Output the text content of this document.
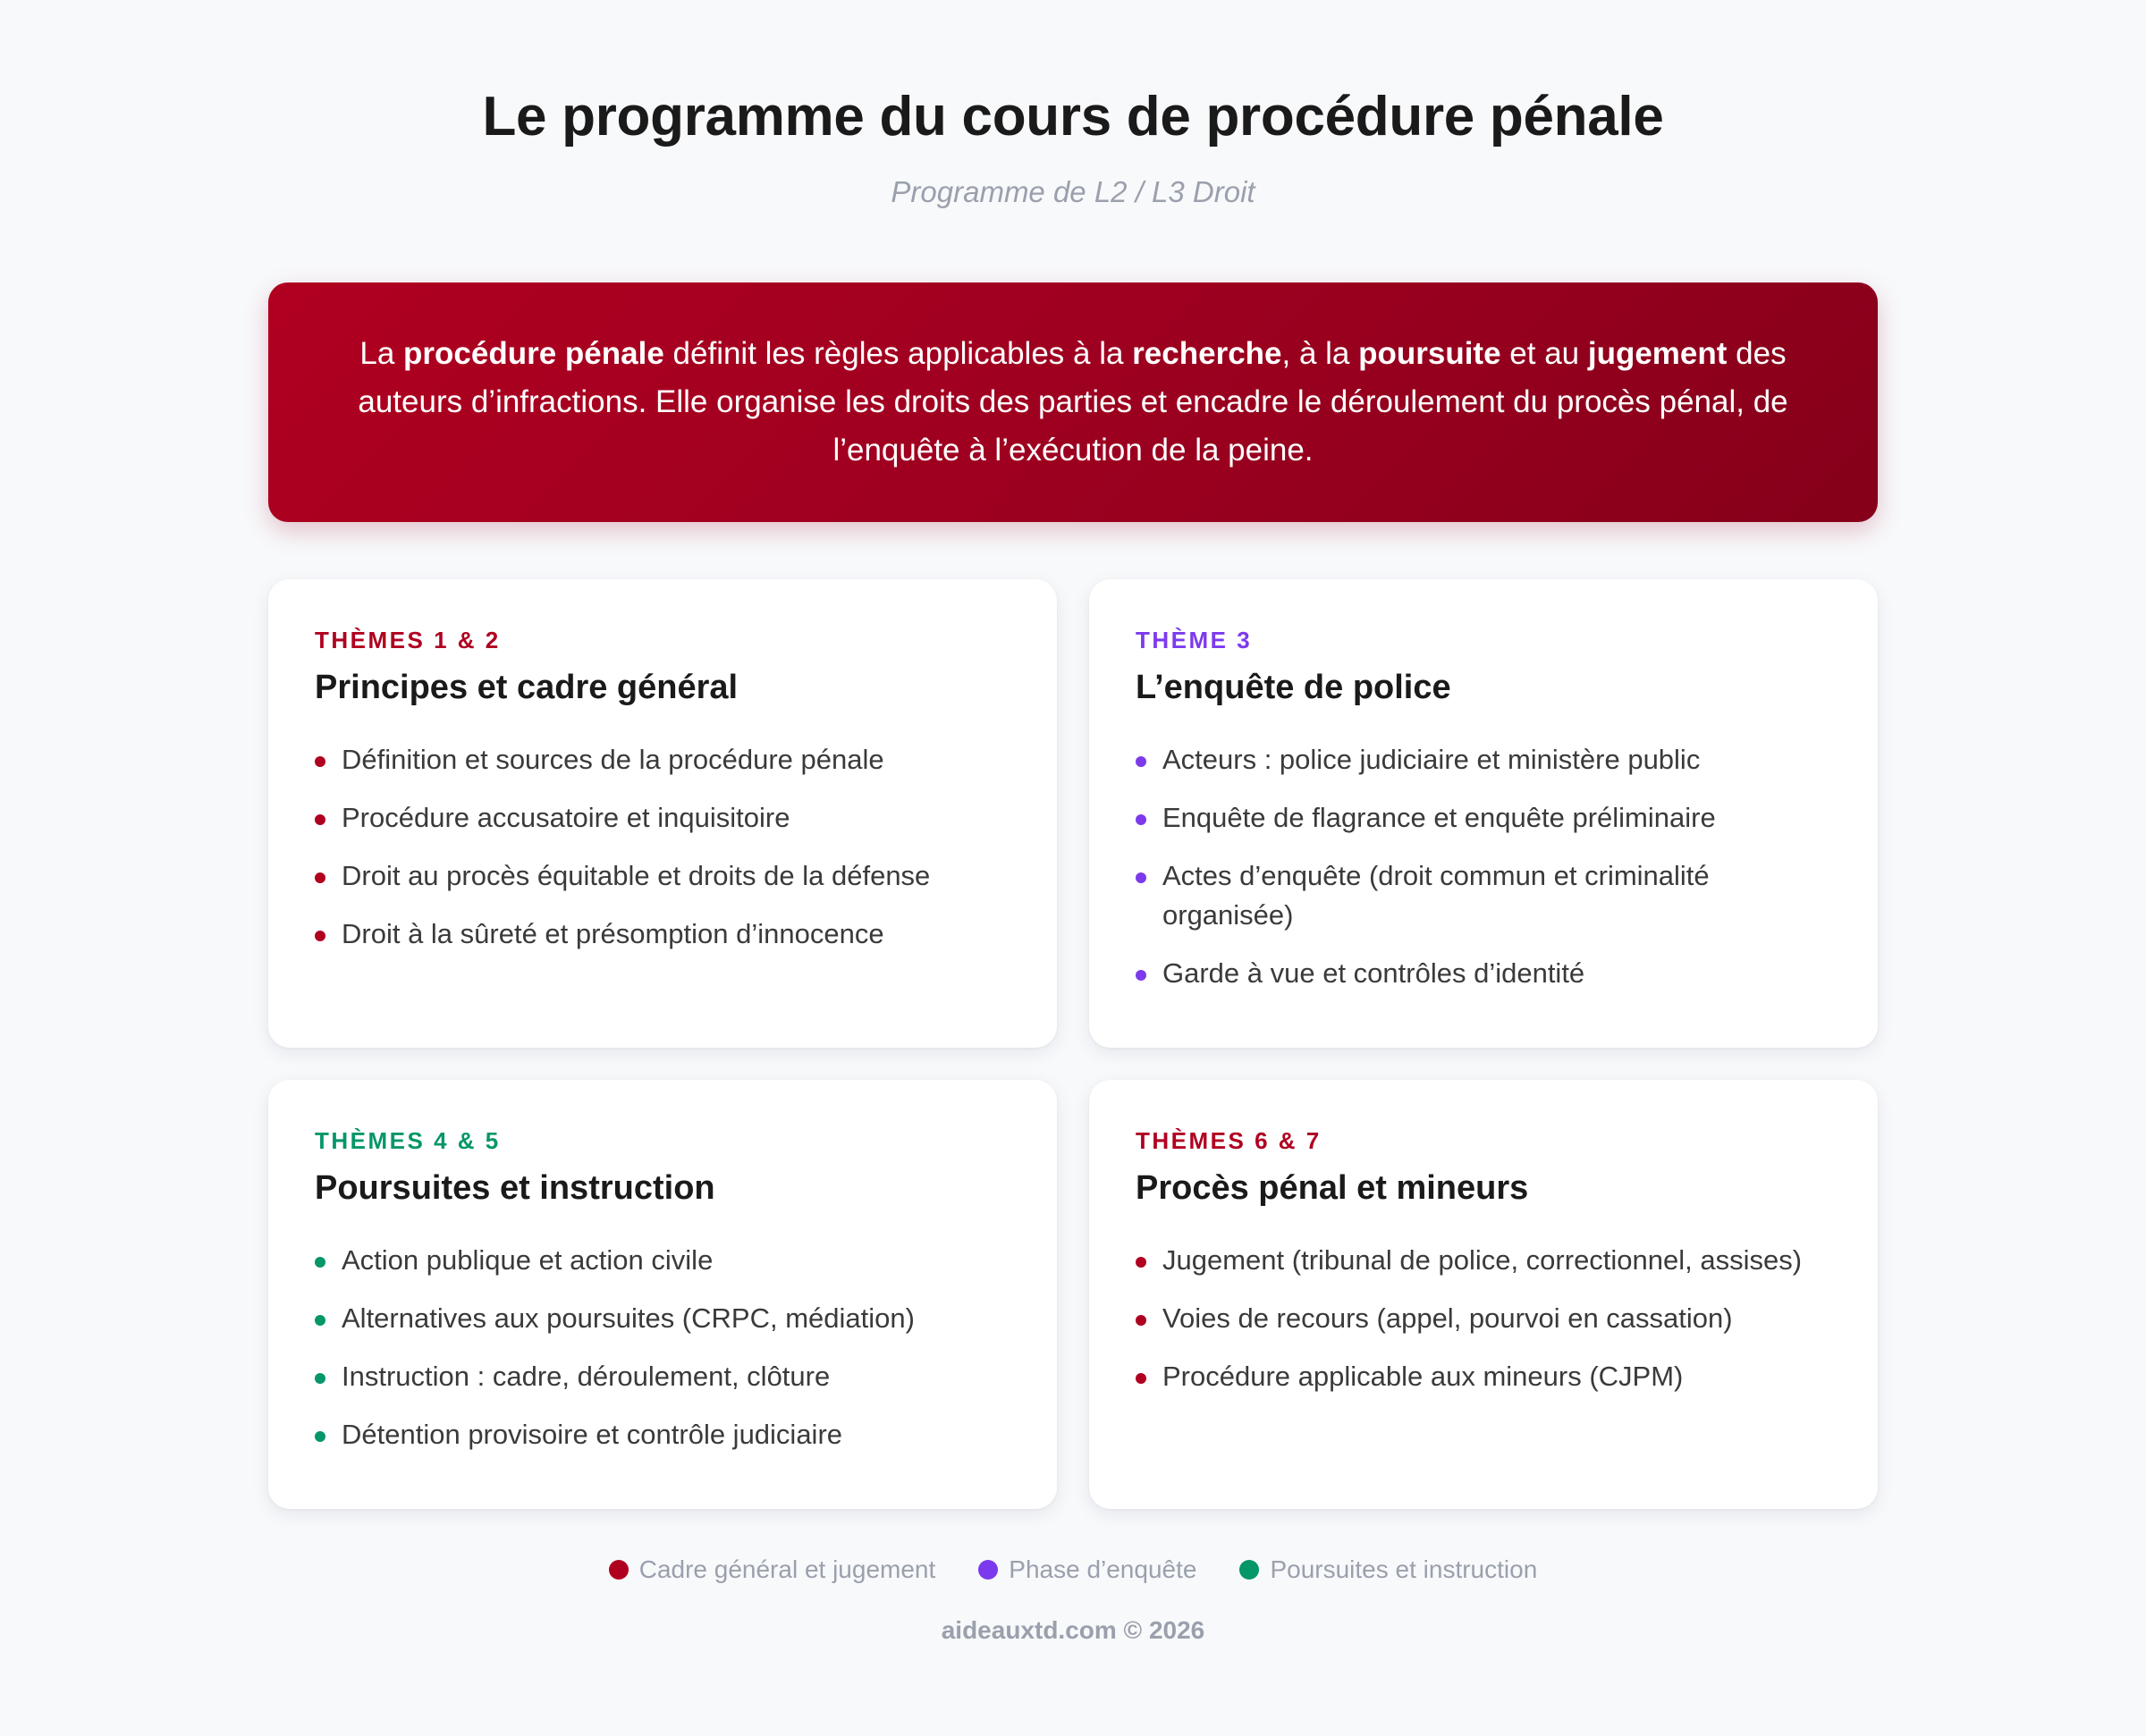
Le programme du cours de procédure pénale
Programme de L2 / L3 Droit
La procédure pénale définit les règles applicables à la recherche, à la poursuite et au jugement des auteurs d’infractions. Elle organise les droits des parties et encadre le déroulement du procès pénal, de l’enquête à l’exécution de la peine.
THÈMES 1 & 2
Principes et cadre général
Définition et sources de la procédure pénale
Procédure accusatoire et inquisitoire
Droit au procès équitable et droits de la défense
Droit à la sûreté et présomption d’innocence
THÈME 3
L’enquête de police
Acteurs : police judiciaire et ministère public
Enquête de flagrance et enquête préliminaire
Actes d’enquête (droit commun et criminalité organisée)
Garde à vue et contrôles d’identité
THÈMES 4 & 5
Poursuites et instruction
Action publique et action civile
Alternatives aux poursuites (CRPC, médiation)
Instruction : cadre, déroulement, clôture
Détention provisoire et contrôle judiciaire
THÈMES 6 & 7
Procès pénal et mineurs
Jugement (tribunal de police, correctionnel, assises)
Voies de recours (appel, pourvoi en cassation)
Procédure applicable aux mineurs (CJPM)
Cadre général et jugement	Phase d’enquête	Poursuites et instruction
aideauxtd.com © 2026
